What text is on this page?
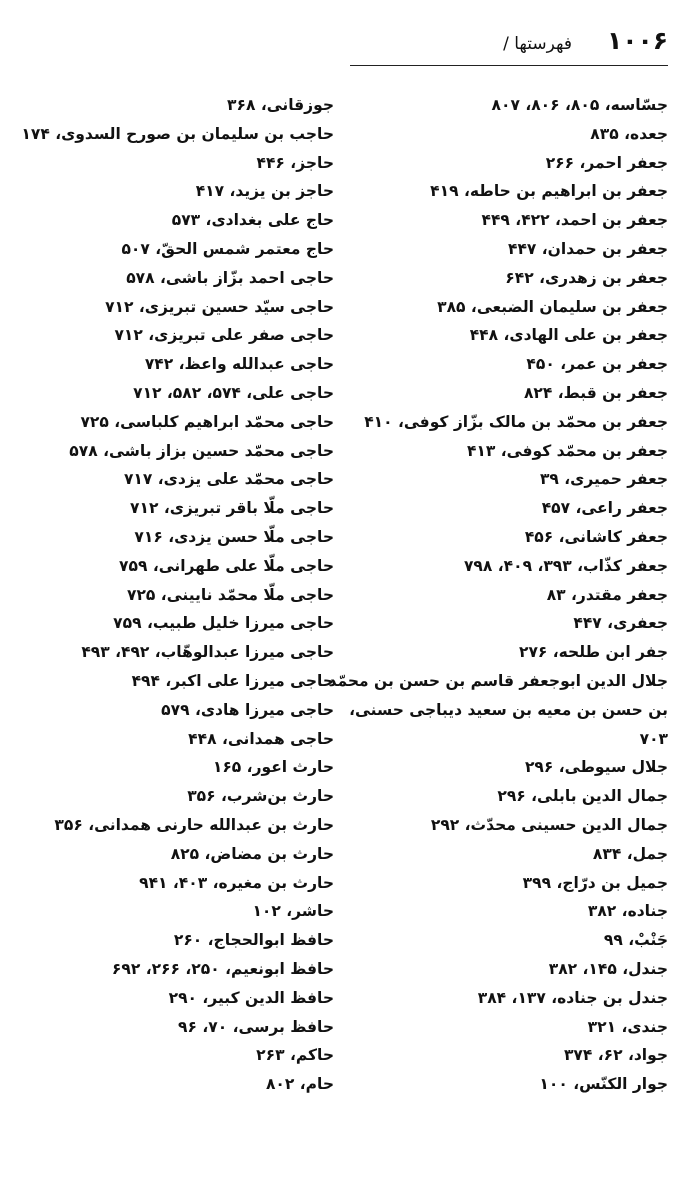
۱۰۰۶
فهرستها /
جسّاسه، ۸۰۵، ۸۰۶، ۸۰۷
جعده، ۸۳۵
جعفر احمر، ۲۶۶
جعفر بن ابراهیم بن حاطه، ۴۱۹
جعفر بن احمد، ۴۲۲، ۴۴۹
جعفر بن حمدان، ۴۴۷
جعفر بن زهدری، ۶۴۲
جعفر بن سلیمان الضبعی، ۳۸۵
جعفر بن علی الهادی، ۴۴۸
جعفر بن عمر، ۴۵۰
جعفر بن قبط، ۸۲۴
جعفر بن محمّد بن مالک بزّاز کوفی، ۴۱۰
جعفر بن محمّد کوفی، ۴۱۳
جعفر حمیری، ۳۹
جعفر راعی، ۴۵۷
جعفر کاشانی، ۴۵۶
جعفر کذّاب، ۳۹۳، ۴۰۹، ۷۹۸
جعفر مقتدر، ۸۳
جعفری، ۴۴۷
جفر ابن طلحه، ۲۷۶
جلال الدین ابوجعفر قاسم بن حسن بن محمّد
بن حسن بن معیه بن سعید دیباجی حسنی،
۷۰۳
جلال سیوطی، ۲۹۶
جمال الدین بابلی، ۲۹۶
جمال الدین حسینی محدّث، ۲۹۲
جمل، ۸۳۴
جمیل بن درّاج، ۳۹۹
جناده، ۳۸۲
جَنْبْ، ۹۹
جندل، ۱۴۵، ۳۸۲
جندل بن جناده، ۱۳۷، ۳۸۴
جندی، ۳۲۱
جواد، ۶۲، ۳۷۴
جوار الکنّس، ۱۰۰
جوزقانی، ۳۶۸
حاجب بن سلیمان بن صورح السدوی، ۱۷۴
حاجز، ۴۴۶
حاجز بن یزید، ۴۱۷
حاج علی بغدادی، ۵۷۳
حاج معتمر شمس الحقّ، ۵۰۷
حاجی احمد بزّاز باشی، ۵۷۸
حاجی سیّد حسین تبریزی، ۷۱۲
حاجی صفر علی تبریزی، ۷۱۲
حاجی عبدالله واعظ، ۷۴۲
حاجی علی، ۵۷۴، ۵۸۲، ۷۱۲
حاجی محمّد ابراهیم کلباسی، ۷۲۵
حاجی محمّد حسین بزاز باشی، ۵۷۸
حاجی محمّد علی یزدی، ۷۱۷
حاجی ملّا باقر تبریزی، ۷۱۲
حاجی ملّا حسن یزدی، ۷۱۶
حاجی ملّا علی طهرانی، ۷۵۹
حاجی ملّا محمّد نایینی، ۷۲۵
حاجی میرزا خلیل طبیب، ۷۵۹
حاجی میرزا عبدالوهّاب، ۴۹۲، ۴۹۳
حاجی میرزا علی اکبر، ۴۹۴
حاجی میرزا هادی، ۵۷۹
حاجی همدانی، ۴۴۸
حارث اعور، ۱۶۵
حارث بن‌شرب، ۳۵۶
حارث بن عبدالله حارنی همدانی، ۳۵۶
حارث بن مضاض، ۸۲۵
حارث بن مغیره، ۴۰۳، ۹۴۱
حاشر، ۱۰۲
حافظ ابوالحجاج، ۲۶۰
حافظ ابونعیم، ۲۵۰، ۲۶۶، ۶۹۲
حافظ الدین کبیر، ۲۹۰
حافظ برسی، ۷۰، ۹۶
حاکم، ۲۶۳
حام، ۸۰۲
